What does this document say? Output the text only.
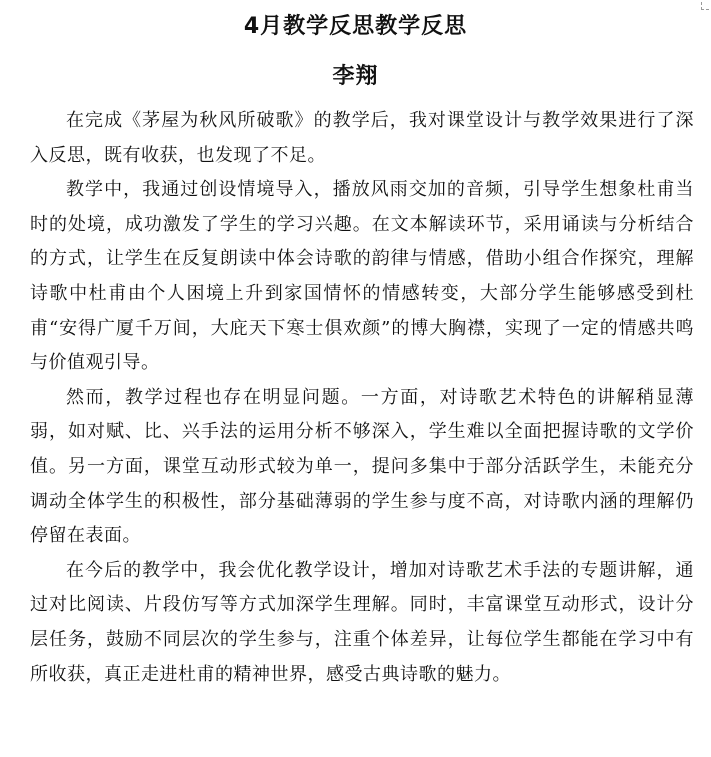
4月教学反思教学反思
李翔

在完成《茅屋为秋风所破歌》的教学后，我对课堂设计与教学效果进行了深入反思，既有收获，也发现了不足。

教学中，我通过创设情境导入，播放风雨交加的音频，引导学生想象杜甫当时的处境，成功激发了学生的学习兴趣。在文本解读环节，采用诵读与分析结合的方式，让学生在反复朗读中体会诗歌的韵律与情感，借助小组合作探究，理解诗歌中杜甫由个人困境上升到家国情怀的情感转变，大部分学生能够感受到杜甫“安得广厦千万间，大庇天下寒士俱欢颜”的博大胸襟，实现了一定的情感共鸣与价值观引导。

然而，教学过程也存在明显问题。一方面，对诗歌艺术特色的讲解稍显薄弱，如对赋、比、兴手法的运用分析不够深入，学生难以全面把握诗歌的文学价值。另一方面，课堂互动形式较为单一，提问多集中于部分活跃学生，未能充分调动全体学生的积极性，部分基础薄弱的学生参与度不高，对诗歌内涵的理解仍停留在表面。

在今后的教学中，我会优化教学设计，增加对诗歌艺术手法的专题讲解，通过对比阅读、片段仿写等方式加深学生理解。同时，丰富课堂互动形式，设计分层任务，鼓励不同层次的学生参与，注重个体差异，让每位学生都能在学习中有所收获，真正走进杜甫的精神世界，感受古典诗歌的魅力。
